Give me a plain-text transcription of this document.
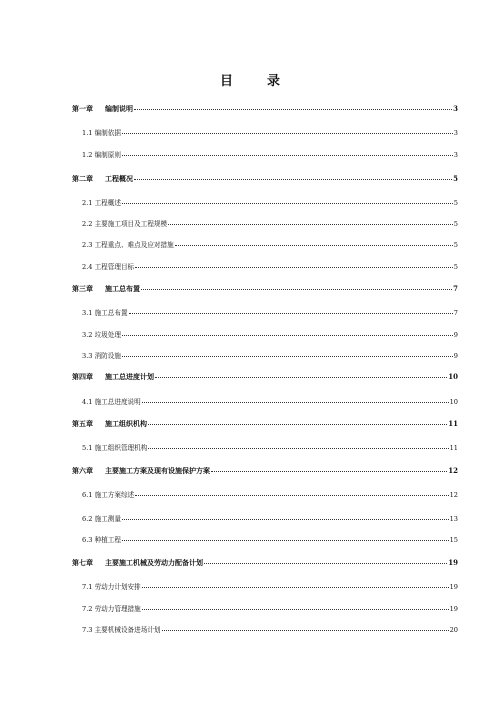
目	录
第一章 编制说明	3
1.1 编制依据	3
1.2 编制原则	3
第二章 工程概况	5
2.1 工程概述	5
2.2 主要施工项目及工程规模	5
2.3 工程重点、难点及应对措施	5
2.4 工程管理目标	5
第三章 施工总布置	7
3.1 施工总布置	7
3.2 垃圾处理	9
3.3 消防设施	9
第四章 施工总进度计划	10
4.1 施工总进度说明	10
第五章 施工组织机构	11
5.1 施工组织管理机构	11
第六章 主要施工方案及现有设施保护方案	12
6.1 施工方案综述	12
6.2 施工测量	13
6.3 种植工程	15
第七章 主要施工机械及劳动力配备计划	19
7.1 劳动力计划安排	19
7.2 劳动力管理措施	19
7.3 主要机械设备进场计划	20
